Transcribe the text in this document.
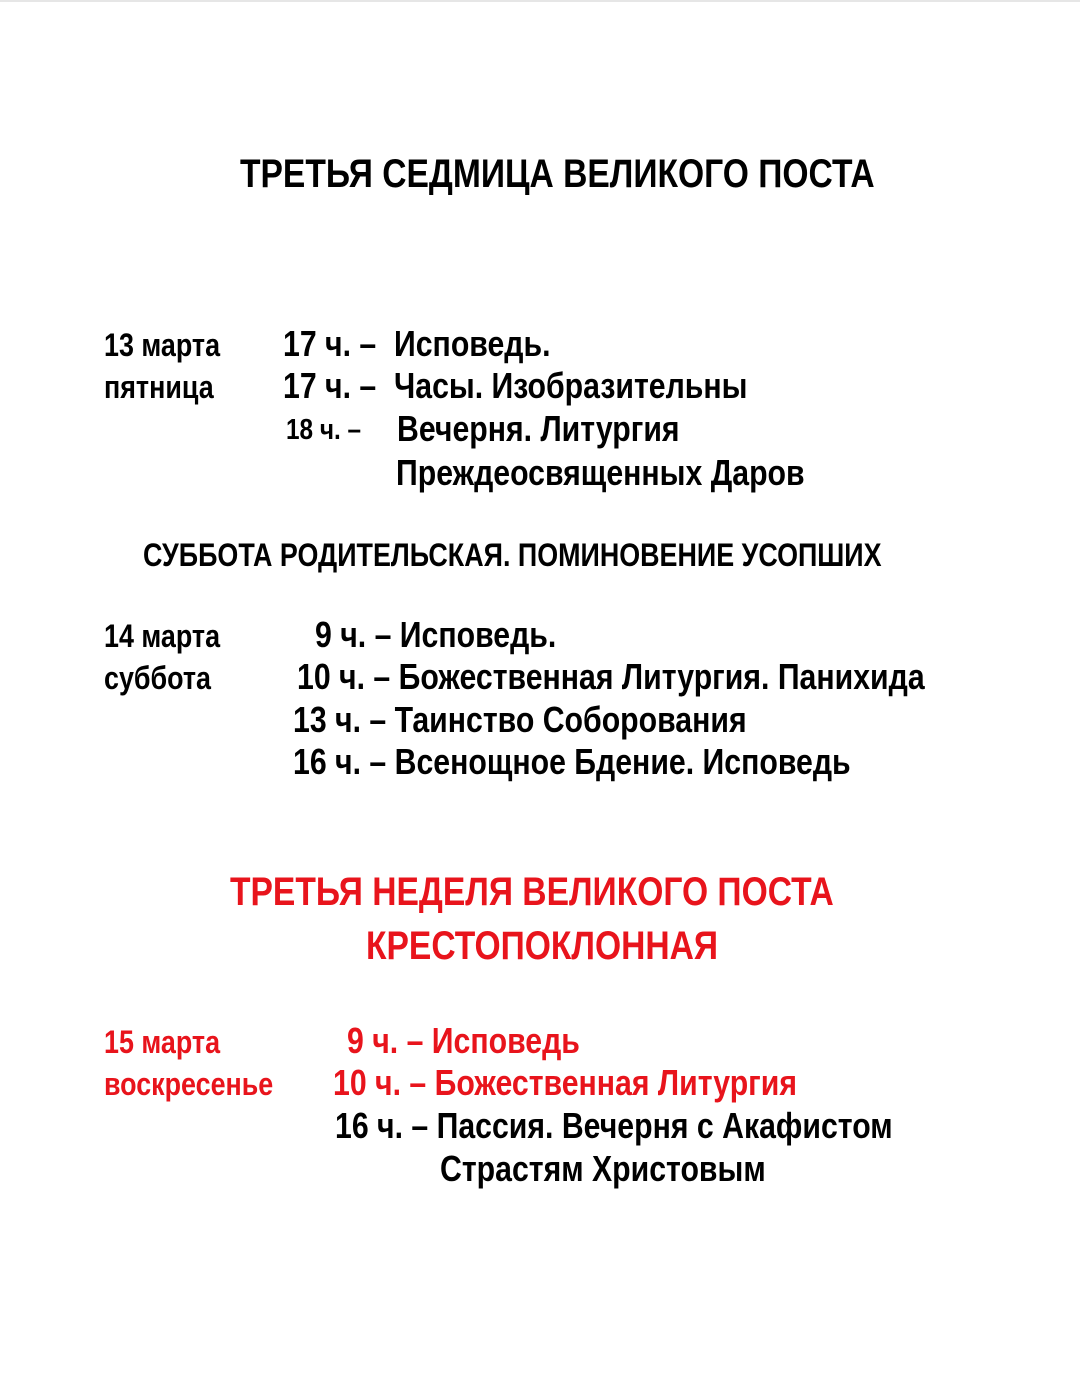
ТРЕТЬЯ СЕДМИЦА ВЕЛИКОГО ПОСТА
13 марта
пятница
17 ч. – Исповедь.
17 ч. – Часы. Изобразительны
18 ч. – Вечерня. Литургия
Преждеосвященных Даров
СУББОТА РОДИТЕЛЬСКАЯ. ПОМИНОВЕНИЕ УСОПШИХ
14 марта
суббота
9 ч. – Исповедь.
10 ч. – Божественная Литургия. Панихида
13 ч. – Таинство Соборования
16 ч. – Всенощное Бдение. Исповедь
ТРЕТЬЯ НЕДЕЛЯ ВЕЛИКОГО ПОСТА
КРЕСТОПОКЛОННАЯ
15 марта
воскресенье
9 ч. – Исповедь
10 ч. – Божественная Литургия
16 ч. – Пассия. Вечерня с Акафистом
Страстям Христовым
